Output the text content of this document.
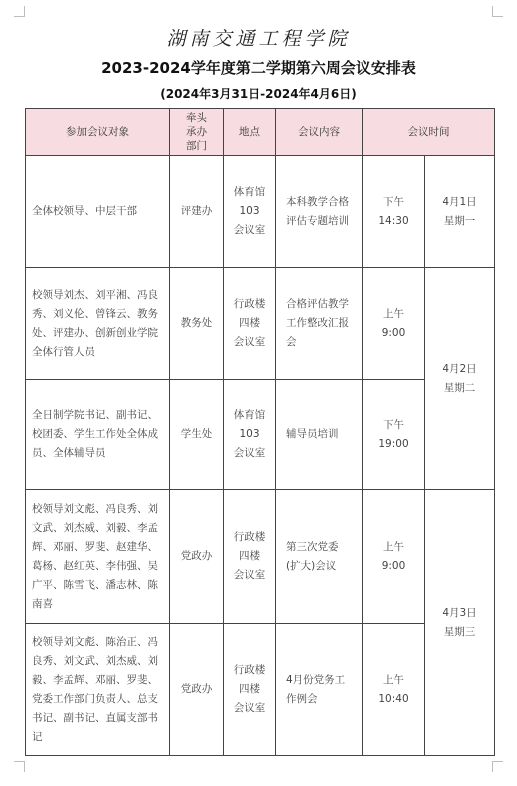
湖南交通工程学院
2023-2024学年度第二学期第六周会议安排表
(2024年3月31日-2024年4月6日)
参加会议对象	牵头承办部门	地点	会议内容	会议时间	

全体校领导、中层干部	评建办	体育馆
103
会议室	本科教学合格评估专题培训	下午
14:30	4月1日
星期一

校领导刘杰、刘平湘、冯良秀、刘义伦、曾锋云、教务处、评建办、创新创业学院全体行管人员	教务处	行政楼
四楼
会议室	合格评估教学工作整改汇报会	上午
9:00	4月2日
星期二

全日制学院书记、副书记、校团委、学生工作处全体成员、全体辅导员	学生处	体育馆
103
会议室	辅导员培训	下午
19:00	

校领导刘文彪、冯良秀、刘文武、刘杰威、刘毅、李孟辉、邓丽、罗斐、赵建华、葛杨、赵红英、李伟强、吴广平、陈雪飞、潘志林、陈南喜	党政办	行政楼
四楼
会议室	第三次党委(扩大)会议	上午
9:00	4月3日
星期三

校领导刘文彪、陈治正、冯良秀、刘文武、刘杰威、刘毅、李孟辉、邓丽、罗斐、党委工作部门负责人、总支书记、副书记、直属支部书记	党政办	行政楼
四楼
会议室	4月份党务工作例会	上午
10:40	
